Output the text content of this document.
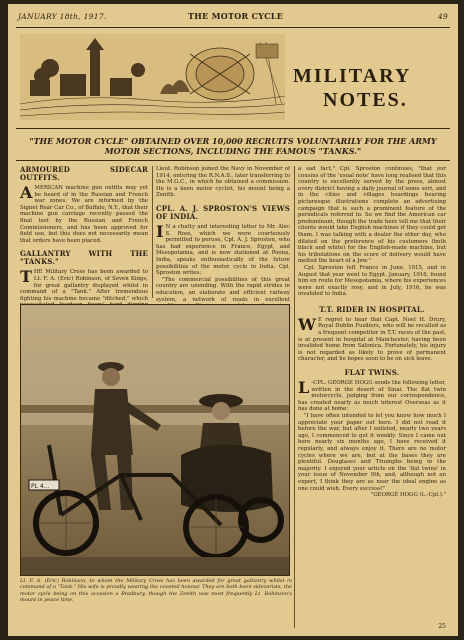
JANUARY 18th, 1917.	THE MOTOR CYCLE	49
MILITARY
NOTES.
"THE MOTOR CYCLE" OBTAINED OVER 10,000 RECRUITS VOLUNTARILY FOR THE ARMY MOTOR SECTIONS, INCLUDING THE FAMOUS "TANKS."
ARMOURED SIDECAR OUTFITS.

AMERICAN machine gun outfits may yet be heard of in the Russian and French war zones. We are informed by the Signet Rear Car Co., of Buffalo, N.Y., that their machine gun carriage recently passed the final test by the Russian and French Commissioners, and has been approved for field use, but this does not necessarily mean that orders have been placed.

GALLANTRY WITH THE "TANKS."

THE Military Cross has been awarded to Lt. F. A. (Eric) Robinson, of Seven Kings, for great gallantry displayed whilst in command of a "Tank." After tremendous fighting his machine became "ditched," which

Lieut. Robinson joined the Navy in November of 1914, entering the R.N.A.S., later transferring to the M.G.C., in which he obtained a commission. He is a keen motor cyclist, his mount being a Zenith.

CPL. A. J. SPROSTON'S VIEWS OF INDIA.

I N a chatty and interesting letter to Mr. Alec S. Ross, which we were courteously permitted to peruse, Cpl. A. J. Sproston, who has had experience in France, Egypt, and Mesopotamia, and is now stationed at Poona, India, speaks enthusiastically of the future possibilities of the motor cycle in India. Cpl. Sproston writes:

"The commercial possibilities of this great country are unending. With the rapid strides in education, an elaborate and efficient railway system, a network of roads in excellent

a sad fact," Cpl. Sproston continues, "that our cousins of the 'usual note' have long realised that this country is excellently served by the press, almost every district having a daily journal of some sort, and in the cities and villages hoardings bearing picturesque illustrations complete an advertising campaign that is such a prominent feature of the periodicals referred to. So we find the American car predominant, though the trade here tell me that their clients would take English machines if they could get them. I was talking with a dealer the other day, who dilated on the preference of his customers (both black and white) for the English-made machine, but his tribulations on the score of delivery would have melted the heart of a Jew."

Cpl. Sproston left France in June, 1915, and in August that year went to Egypt. January, 1916, found him en route for Mesopotamia, where his experiences were not exactly rosy, and in July, 1916, he was invalided to India.

T.T. RIDER IN HOSPITAL.

W E regret to hear that Capt. Noel H. Drury, Royal Dublin Fusiliers, who will be recalled as a frequent competitor in T.T. races of the past, is at present in hospital at Manchester, having been invalided home from Salonica. Fortunately, his injury is not regarded as likely to prove of permanent character, and he hopes soon to be on sick leave.

FLAT TWINS.

L -CPL. GEORGE HOGG sends the following letter, written in the desert of Sinai. The flat twin motorcycle, judging from our correspondence, has created nearly as much interest Overseas as it has done at home:

"I have often intended to let you know how much I appreciate your paper out here. I did not read it before the war, but after I enlisted, nearly two years ago, I commenced to get it weekly. Since I came out here nearly six months ago, I have received it regularly, and always enjoy it. There are no motor cycles where we are, but at the bases they are plentiful. Douglases and Triumphs being in the majority. I enjoyed your article on the 'flat twins' in your issue of November 9th, and, although not an expert, I think they are as near the ideal engine as one could wish. Every success!"

"GEORGE HOGG (L.-Cpl.)."

PL 4...
Lt. F. A. (Eric) Robinson, to whom the Military Cross has been awarded for great gallantry whilst in command of a "Tank." His wife is proudly wearing the coveted honour. They are both keen sidecarists, the motor cycle being on this occasion a Bradbury, though the Zenith was most frequently Lt. Robinson's mount in peace time.
25
